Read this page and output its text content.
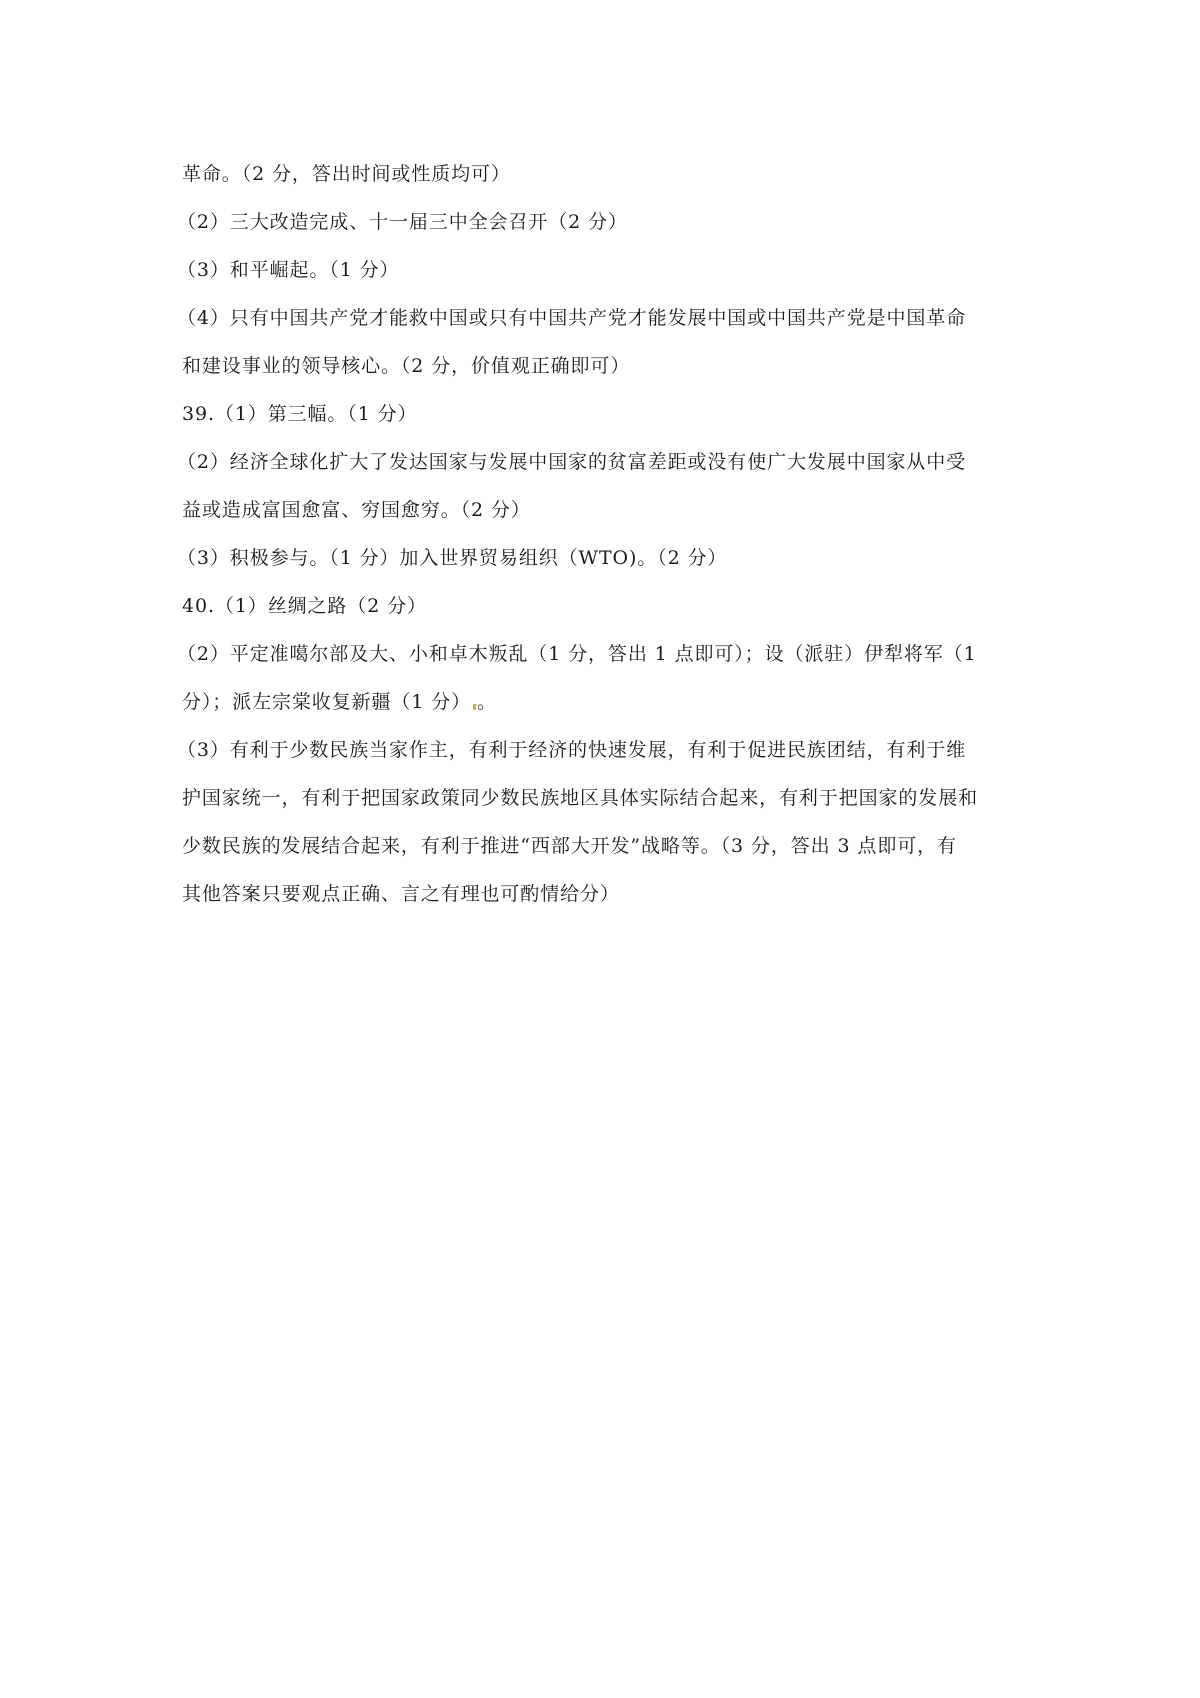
革命。（2 分，答出时间或性质均可）
（2）三大改造完成、十一届三中全会召开（2 分）
（3）和平崛起。（1 分）
（4）只有中国共产党才能救中国或只有中国共产党才能发展中国或中国共产党是中国革命
和建设事业的领导核心。（2 分，价值观正确即可）
39.（1）第三幅。（1 分）
（2）经济全球化扩大了发达国家与发展中国家的贫富差距或没有使广大发展中国家从中受
益或造成富国愈富、穷国愈穷。（2 分）
（3）积极参与。（1 分）加入世界贸易组织（WTO)。（2 分）
40.（1）丝绸之路（2 分）
（2）平定准噶尔部及大、小和卓木叛乱（1 分，答出 1 点即可）；设（派驻）伊犁将军（1
分）；派左宗棠收复新疆（1 分） 。
（3）有利于少数民族当家作主，有利于经济的快速发展，有利于促进民族团结，有利于维
护国家统一，有利于把国家政策同少数民族地区具体实际结合起来，有利于把国家的发展和
少数民族的发展结合起来，有利于推进“西部大开发”战略等。（3 分，答出 3 点即可，有
其他答案只要观点正确、言之有理也可酌情给分）
